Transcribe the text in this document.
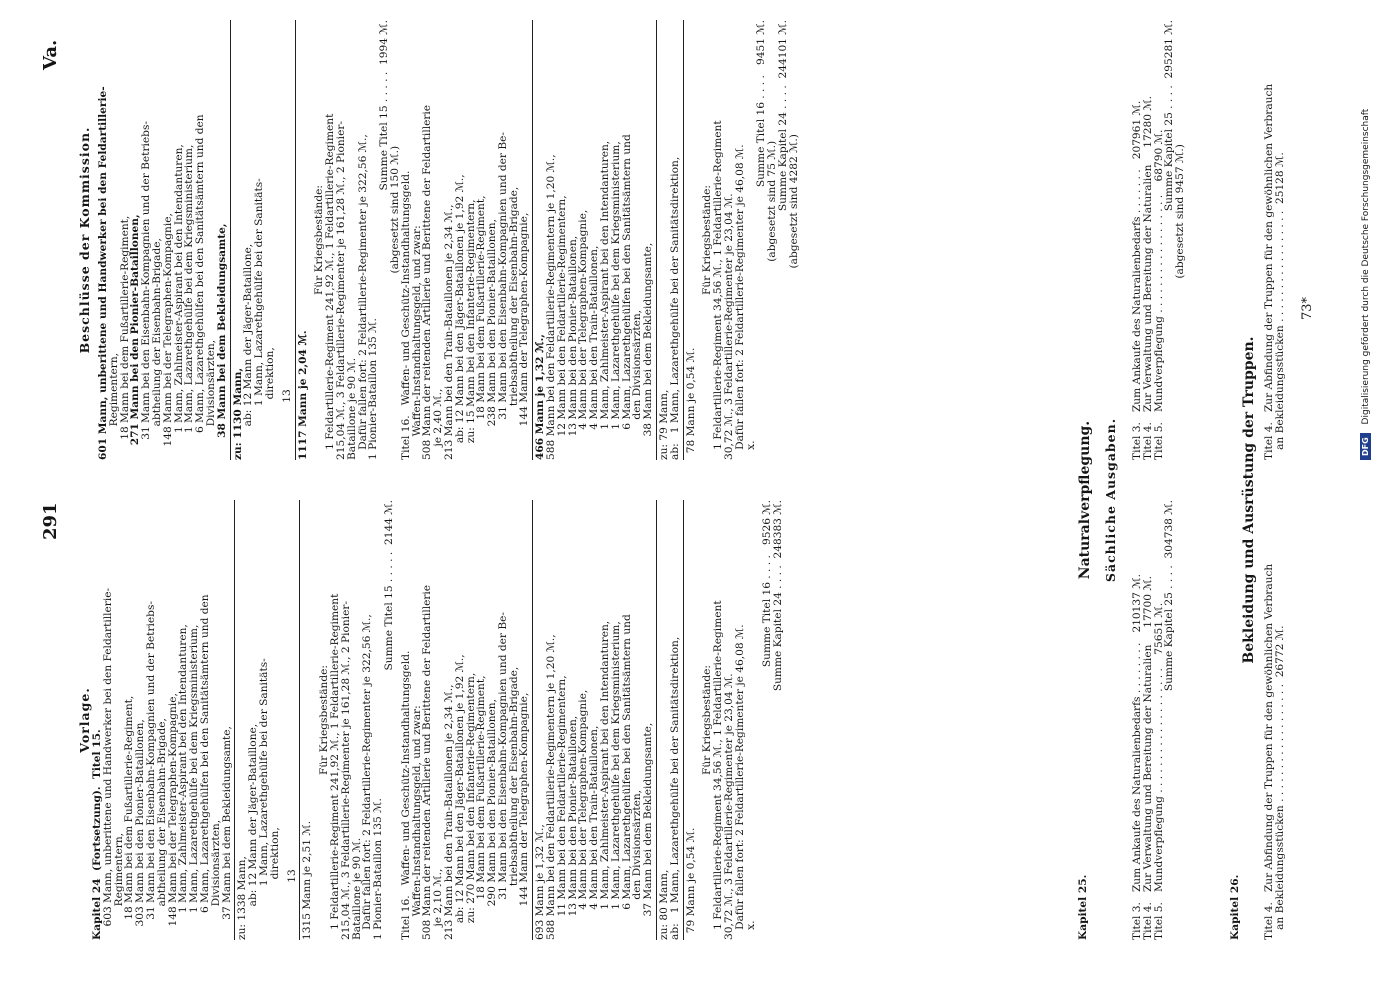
291
Va.
Vorlage.
Kapitel 24  (Fortsetzung).  Titel 15.
603 Mann, unberittene und Handwerker bei den Feldartillerie-
Regimentern,
18 Mann bei dem Fußartillerie-Regiment,
303 Mann bei den Pionier-Bataillonen,
31 Mann bei den Eisenbahn-Kompagnien und der Betriebs-
abtheilung der Eisenbahn-Brigade,
148 Mann bei der Telegraphen-Kompagnie,
1 Mann, Zahlmeister-Aspirant bei den Intendanturen,
1 Mann, Lazarethgehülfe bei dem Kriegsministerium,
6 Mann, Lazarethgehülfen bei den Sanitätsämtern und den
Divisionsärzten,
37 Mann bei dem Bekleidungsamte, zu: 1338 Mann,
ab: 12 Mann der Jäger-Bataillone,
1 Mann, Lazarethgehülfe bei der Sanitäts-
direktion, 13 1315 Mann je 2,51 ℳ.
Für Kriegsbestände:
1 Feldartillerie-Regiment 241,92 ℳ., 1 Feldartillerie-Regiment
215,04 ℳ., 3 Feldartillerie-Regimenter je 161,28 ℳ., 2 Pionier-
Bataillone je 90 ℳ.
Dafür fallen fort: 2 Feldartillerie-Regimenter je 322,56 ℳ.,
1 Pionier-Bataillon 135 ℳ.
Summe Titel 15 . . . . .  2144 ℳ.
Titel 16.   Waffen- und Geschütz-Instandhaltungsgeld.
Waffen-Instandhaltungsgeld, und zwar:
508 Mann der reitenden Artillerie und Berittene der Feldartillerie
je 2,10 ℳ.,
213 Mann bei den Train-Bataillonen je 2,34 ℳ.,
ab: 12 Mann bei den Jäger-Bataillonen je 1,92 ℳ.,
zu: 270 Mann bei den Infanterie-Regimentern,
18 Mann bei dem Fußartillerie-Regiment,
290 Mann bei den Pionier-Bataillonen,
31 Mann bei den Eisenbahn-Kompagnien und der Be-
triebsabtheilung der Eisenbahn-Brigade,
144 Mann der Telegraphen-Kompagnie, 693 Mann je 1,32 ℳ.,
588 Mann bei den Feldartillerie-Regimentern je 1,20 ℳ.,
11 Mann bei den Feldartillerie-Regimentern,
13 Mann bei den Pionier-Bataillonen,
4 Mann bei der Telegraphen-Kompagnie,
4 Mann bei den Train-Bataillonen,
1 Mann, Zahlmeister-Aspirant bei den Intendanturen,
1 Mann, Lazarethgehülfe bei dem Kriegsministerium,
6 Mann, Lazarethgehülfen bei den Sanitätsämtern und
den Divisionsärzten,
37 Mann bei dem Bekleidungsamte, zu: 80 Mann,
ab:   1 Mann, Lazarethgehülfe bei der Sanitätsdirektion, 79 Mann je 0,54 ℳ.
Für Kriegsbestände:
1 Feldartillerie-Regiment 34,56 ℳ., 1 Feldartillerie-Regiment
30,72 ℳ., 3 Feldartillerie-Regimenter je 23,04 ℳ.
Dafür fallen fort: 2 Feldartillerie-Regimenter je 46,08 ℳ.
x.
Summe Titel 16 . . . .   9526 ℳ.
Summe Kapitel 24 . . . .  248383 ℳ.
Beschlüsse der Kommission. 601 Mann, unberittene und Handwerker bei den Feldartillerie-
Regimentern,
18 Mann bei dem Fußartillerie-Regiment,
271 Mann bei den Pionier-Bataillonen,
31 Mann bei den Eisenbahn-Kompagnien und der Betriebs-
abtheilung der Eisenbahn-Brigade,
148 Mann bei der Telegraphen-Kompagnie,
1 Mann, Zahlmeister-Aspirant bei den Intendanturen,
1 Mann, Lazarethgehülfe bei dem Kriegsministerium,
6 Mann, Lazarethgehülfen bei den Sanitätsämtern und den
Divisionsärzten,
38 Mann bei dem Bekleidungsamte, zu: 1130 Mann,
ab: 12 Mann der Jäger-Bataillone,
1 Mann, Lazarethgehülfe bei der Sanitäts-
direktion, 13 1117 Mann je 2,04 ℳ.
Für Kriegsbestände:
1 Feldartillerie-Regiment 241,92 ℳ., 1 Feldartillerie-Regiment
215,04 ℳ., 3 Feldartillerie-Regimenter je 161,28 ℳ., 2 Pionier-
Bataillone je 90 ℳ.
Dafür fallen fort: 2 Feldartillerie-Regimenter je 322,56 ℳ.,
1 Pionier-Bataillon 135 ℳ.
Summe Titel 15 . . . . .  1994 ℳ.
(abgesetzt sind 150 ℳ.)
Titel 16.   Waffen- und Geschütz-Instandhaltungsgeld.
Waffen-Instandhaltungsgeld, und zwar:
508 Mann der reitenden Artillerie und Berittene der Feldartillerie
je 2,40 ℳ.,
213 Mann bei den Train-Bataillonen je 2,34 ℳ.,
ab: 12 Mann bei den Jäger-Bataillonen je 1,92 ℳ.,
zu: 15 Mann bei den Infanterie-Regimentern,
18 Mann bei dem Fußartillerie-Regiment,
238 Mann bei den Pionier-Bataillonen,
31 Mann bei den Eisenbahn-Kompagnien und der Be-
triebsabtheilung der Eisenbahn-Brigade,
144 Mann der Telegraphen-Kompagnie, 466 Mann je 1,32 ℳ.,
588 Mann bei den Feldartillerie-Regimentern je 1,20 ℳ.,
12 Mann bei den Feldartillerie-Regimentern,
13 Mann bei den Pionier-Bataillonen,
4 Mann bei der Telegraphen-Kompagnie,
4 Mann bei den Train-Bataillonen,
1 Mann, Zahlmeister-Aspirant bei den Intendanturen,
1 Mann, Lazarethgehülfe bei dem Kriegsministerium,
6 Mann, Lazarethgehülfen bei den Sanitätsämtern und
den Divisionsärzten,
38 Mann bei dem Bekleidungsamte, zu: 79 Mann,
ab:   1 Mann, Lazarethgehülfe bei der Sanitätsdirektion, 78 Mann je 0,54 ℳ.
Für Kriegsbestände:
1 Feldartillerie-Regiment 34,56 ℳ., 1 Feldartillerie-Regiment
30,72 ℳ., 3 Feldartillerie-Regimenter je 23,04 ℳ.
Dafür fallen fort: 2 Feldartillerie-Regimenter je 46,08 ℳ.
x.
Summe Titel 16 . . . .   9451 ℳ.
(abgesetzt sind 75 ℳ.)
Summe Kapitel 24 . . . .  244101 ℳ.
(abgesetzt sind 4282 ℳ.)
Kapitel 25.
Naturalverpflegung. Sächliche Ausgaben.
Titel 3.   Zum Ankaufe des Naturalienbedarfs . . . . . . . .   210137 ℳ.
Titel 4.   Zur Verwaltung und Bereitung der Naturalien     17700 ℳ.
Titel 5.   Mundverpflegung . . . . . . . . . . . . . . . . . . .    75651 ℳ.
Summe Kapitel 25 . . . .  304738 ℳ.
Titel 3.   Zum Ankaufe des Naturalienbedarfs . . . . . . .   207961 ℳ.
Titel 4.   Zur Verwaltung und Bereitung der Naturalien     17280 ℳ.
Titel 5.   Mundverpflegung . . . . . . . . . . . . . . . . . .    68790 ℳ.
Summe Kapitel 25 . . . .  295281 ℳ.
(abgesetzt sind 9457 ℳ.)
Kapitel 26.
Bekleidung und Ausrüstung der Truppen.
Titel 4.   Zur Abfindung der Truppen für den gewöhnlichen Verbrauch
an Bekleidungsstücken . . . . . . . . . . . . . . . . . .  26772 ℳ.
Titel 4.   Zur Abfindung der Truppen für den gewöhnlichen Verbrauch
an Bekleidungsstücken . . . . . . . . . . . . . . . . .  25128 ℳ. 73*
DFG Digitalisierung gefördert durch die Deutsche Forschungsgemeinschaft
